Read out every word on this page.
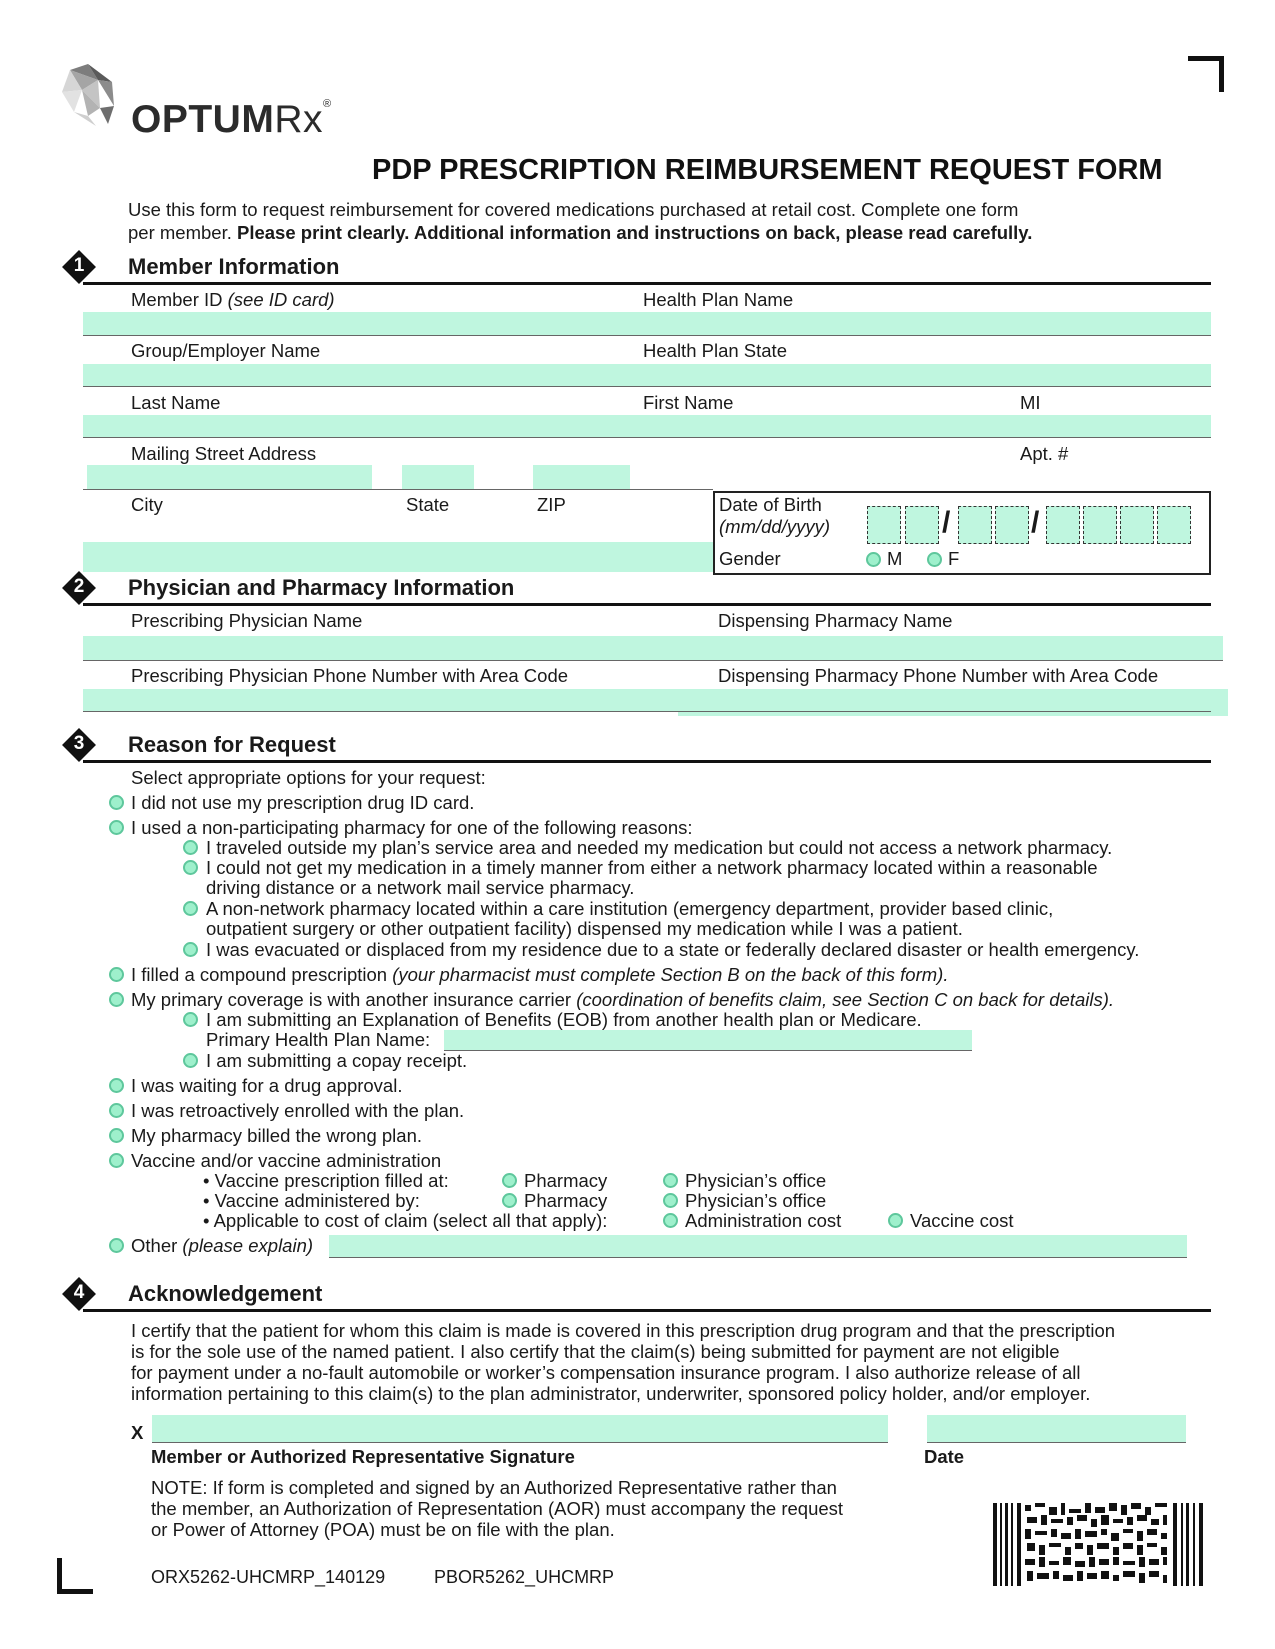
OPTUMRx®
PDP PRESCRIPTION REIMBURSEMENT REQUEST FORM
Use this form to request reimbursement for covered medications purchased at retail cost. Complete one form
per member. Please print clearly. Additional information and instructions on back, please read carefully.
1	Member Information
Member ID (see ID card)	Health Plan Name
Group/Employer Name	Health Plan State
Last Name	First Name	MI
Mailing Street Address	Apt. #
City	State	ZIP	Date of Birth
(mm/dd/yyyy)	/	/
Gender	M F
2	Physician and Pharmacy Information
Prescribing Physician Name	Dispensing Pharmacy Name
Prescribing Physician Phone Number with Area Code	Dispensing Pharmacy Phone Number with Area Code
3	Reason for Request
Select appropriate options for your request:
I did not use my prescription drug ID card.
I used a non-participating pharmacy for one of the following reasons:
I traveled outside my plan’s service area and needed my medication but could not access a network pharmacy.
I could not get my medication in a timely manner from either a network pharmacy located within a reasonable
driving distance or a network mail service pharmacy.
A non-network pharmacy located within a care institution (emergency department, provider based clinic,
outpatient surgery or other outpatient facility) dispensed my medication while I was a patient.
I was evacuated or displaced from my residence due to a state or federally declared disaster or health emergency.
I filled a compound prescription (your pharmacist must complete Section B on the back of this form).
My primary coverage is with another insurance carrier (coordination of benefits claim, see Section C on back for details).
I am submitting an Explanation of Benefits (EOB) from another health plan or Medicare.
Primary Health Plan Name:
I am submitting a copay receipt.
I was waiting for a drug approval.
I was retroactively enrolled with the plan.
My pharmacy billed the wrong plan.
Vaccine and/or vaccine administration
• Vaccine prescription filled at:	Pharmacy	Physician’s office
• Vaccine administered by:	Pharmacy	Physician’s office
• Applicable to cost of claim (select all that apply):	Administration cost	Vaccine cost
Other (please explain)
4	Acknowledgement
I certify that the patient for whom this claim is made is covered in this prescription drug program and that the prescription
is for the sole use of the named patient. I also certify that the claim(s) being submitted for payment are not eligible
for payment under a no-fault automobile or worker’s compensation insurance program. I also authorize release of all
information pertaining to this claim(s) to the plan administrator, underwriter, sponsored policy holder, and/or employer.
X
Member or Authorized Representative Signature	Date
NOTE: If form is completed and signed by an Authorized Representative rather than
the member, an Authorization of Representation (AOR) must accompany the request
or Power of Attorney (POA) must be on file with the plan.
ORX5262-UHCMRP_140129	PBOR5262_UHCMRP
